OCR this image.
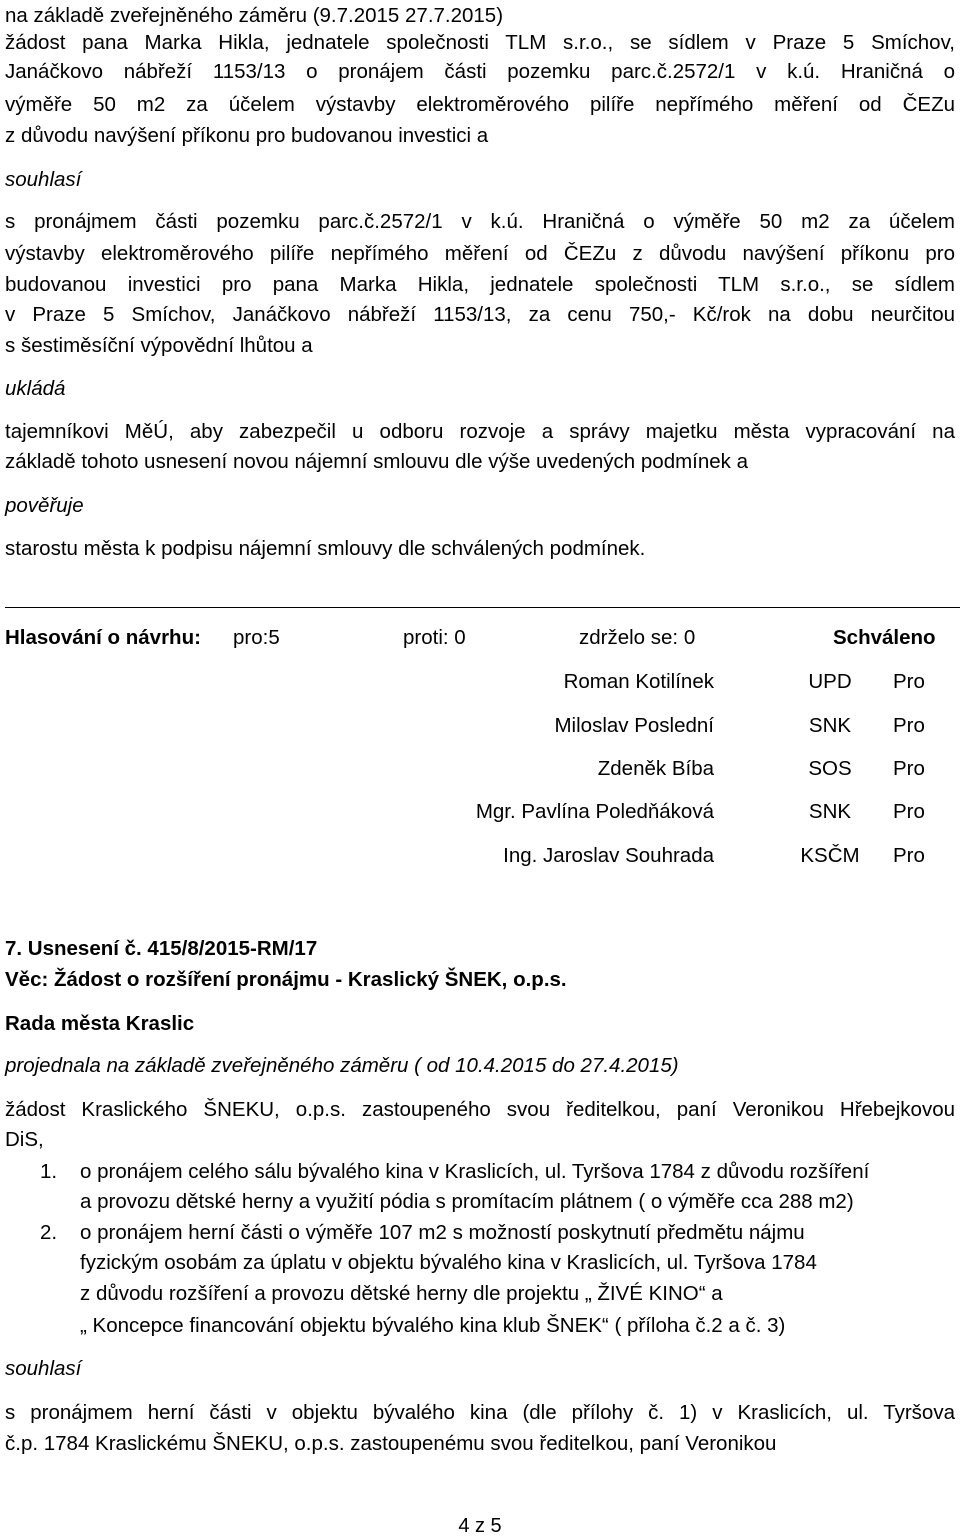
na základě zveřejněného záměru (9.7.2015 27.7.2015)
žádost pana Marka Hikla, jednatele společnosti TLM s.r.o., se sídlem v Praze 5 Smíchov,
Janáčkovo nábřeží 1153/13 o pronájem části pozemku parc.č.2572/1 v k.ú. Hraničná o
výměře 50 m2 za účelem výstavby elektroměrového pilíře nepřímého měření od ČEZu
z důvodu navýšení příkonu pro budovanou investici a
souhlasí
s pronájmem části pozemku parc.č.2572/1 v k.ú. Hraničná o výměře 50 m2 za účelem
výstavby elektroměrového pilíře nepřímého měření od ČEZu z důvodu navýšení příkonu pro
budovanou investici pro pana Marka Hikla, jednatele společnosti TLM s.r.o., se sídlem
v Praze 5 Smíchov, Janáčkovo nábřeží 1153/13, za cenu 750,- Kč/rok na dobu neurčitou
s šestiměsíční výpovědní lhůtou a
ukládá
tajemníkovi MěÚ, aby zabezpečil u odboru rozvoje a správy majetku města vypracování na
základě tohoto usnesení novou nájemní smlouvu dle výše uvedených podmínek a
pověřuje
starostu města k podpisu nájemní smlouvy dle schválených podmínek.
Hlasování o návrhu: pro:5	proti: 0	zdrželo se: 0	Schváleno
Roman Kotilínek	UPD	Pro
Miloslav Poslední	SNK	Pro
Zdeněk Bíba	SOS	Pro
Mgr. Pavlína Poledňáková	SNK	Pro
Ing. Jaroslav Souhrada	KSČM	Pro
7. Usnesení č. 415/8/2015-RM/17
Věc: Žádost o rozšíření pronájmu - Kraslický ŠNEK, o.p.s.
Rada města Kraslic
projednala na základě zveřejněného záměru ( od 10.4.2015 do 27.4.2015)
žádost Kraslického ŠNEKU, o.p.s. zastoupeného svou ředitelkou, paní Veronikou Hřebejkovou
DiS,
1. o pronájem celého sálu bývalého kina v Kraslicích, ul. Tyršova 1784 z důvodu rozšíření
a provozu dětské herny a využití pódia s promítacím plátnem ( o výměře cca 288 m2)
2. o pronájem herní části o výměře 107 m2 s možností poskytnutí předmětu nájmu
fyzickým osobám za úplatu v objektu bývalého kina v Kraslicích, ul. Tyršova 1784
z důvodu rozšíření a provozu dětské herny dle projektu „ ŽIVÉ KINO“ a
„ Koncepce financování objektu bývalého kina klub ŠNEK“ ( příloha č.2 a č. 3)
souhlasí
s pronájmem herní části v objektu bývalého kina (dle přílohy č. 1) v Kraslicích, ul. Tyršova
č.p. 1784 Kraslickému ŠNEKU, o.p.s. zastoupenému svou ředitelkou, paní Veronikou
4 z 5
